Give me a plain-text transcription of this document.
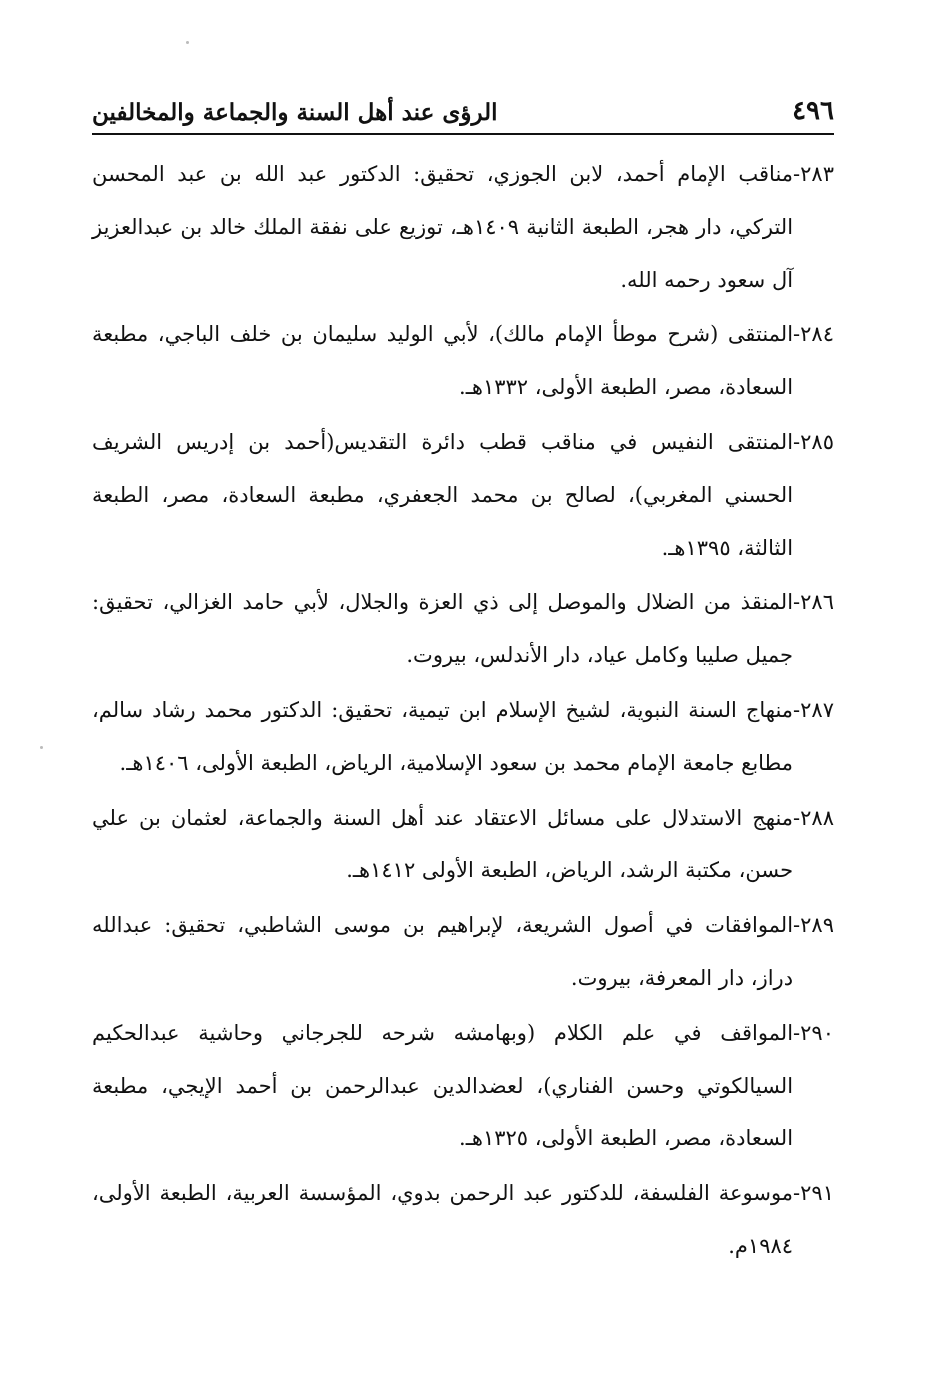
٤٩٦
الرؤى عند أهل السنة والجماعة والمخالفين
٢٨٣-
مناقب الإمام أحمد، لابن الجوزي، تحقيق: الدكتور عبد الله بن عبد المحسن التركي، دار هجر، الطبعة الثانية ١٤٠٩هـ، توزيع على نفقة الملك خالد بن عبدالعزيز آل سعود رحمه الله.
٢٨٤-
المنتقى (شرح موطأ الإمام مالك)، لأبي الوليد سليمان بن خلف الباجي، مطبعة السعادة، مصر، الطبعة الأولى، ١٣٣٢هـ.
٢٨٥-
المنتقى النفيس في مناقب قطب دائرة التقديس(أحمد بن إدريس الشريف الحسني المغربي)، لصالح بن محمد الجعفري، مطبعة السعادة، مصر، الطبعة الثالثة، ١٣٩٥هـ.
٢٨٦-
المنقذ من الضلال والموصل إلى ذي العزة والجلال، لأبي حامد الغزالي، تحقيق: جميل صليبا وكامل عياد، دار الأندلس، بيروت.
٢٨٧-
منهاج السنة النبوية، لشيخ الإسلام ابن تيمية، تحقيق: الدكتور محمد رشاد سالم، مطابع جامعة الإمام محمد بن سعود الإسلامية، الرياض، الطبعة الأولى، ١٤٠٦هـ.
٢٨٨-
منهج الاستدلال على مسائل الاعتقاد عند أهل السنة والجماعة، لعثمان بن علي حسن، مكتبة الرشد، الرياض، الطبعة الأولى ١٤١٢هـ.
٢٨٩-
الموافقات في أصول الشريعة، لإبراهيم بن موسى الشاطبي، تحقيق: عبدالله دراز، دار المعرفة، بيروت.
٢٩٠-
المواقف في علم الكلام (وبهامشه شرحه للجرجاني وحاشية عبدالحكيم السيالكوتي وحسن الفناري)، لعضدالدين عبدالرحمن بن أحمد الإيجي، مطبعة السعادة، مصر، الطبعة الأولى، ١٣٢٥هـ.
٢٩١-
موسوعة الفلسفة، للدكتور عبد الرحمن بدوي، المؤسسة العربية، الطبعة الأولى، ١٩٨٤م.
